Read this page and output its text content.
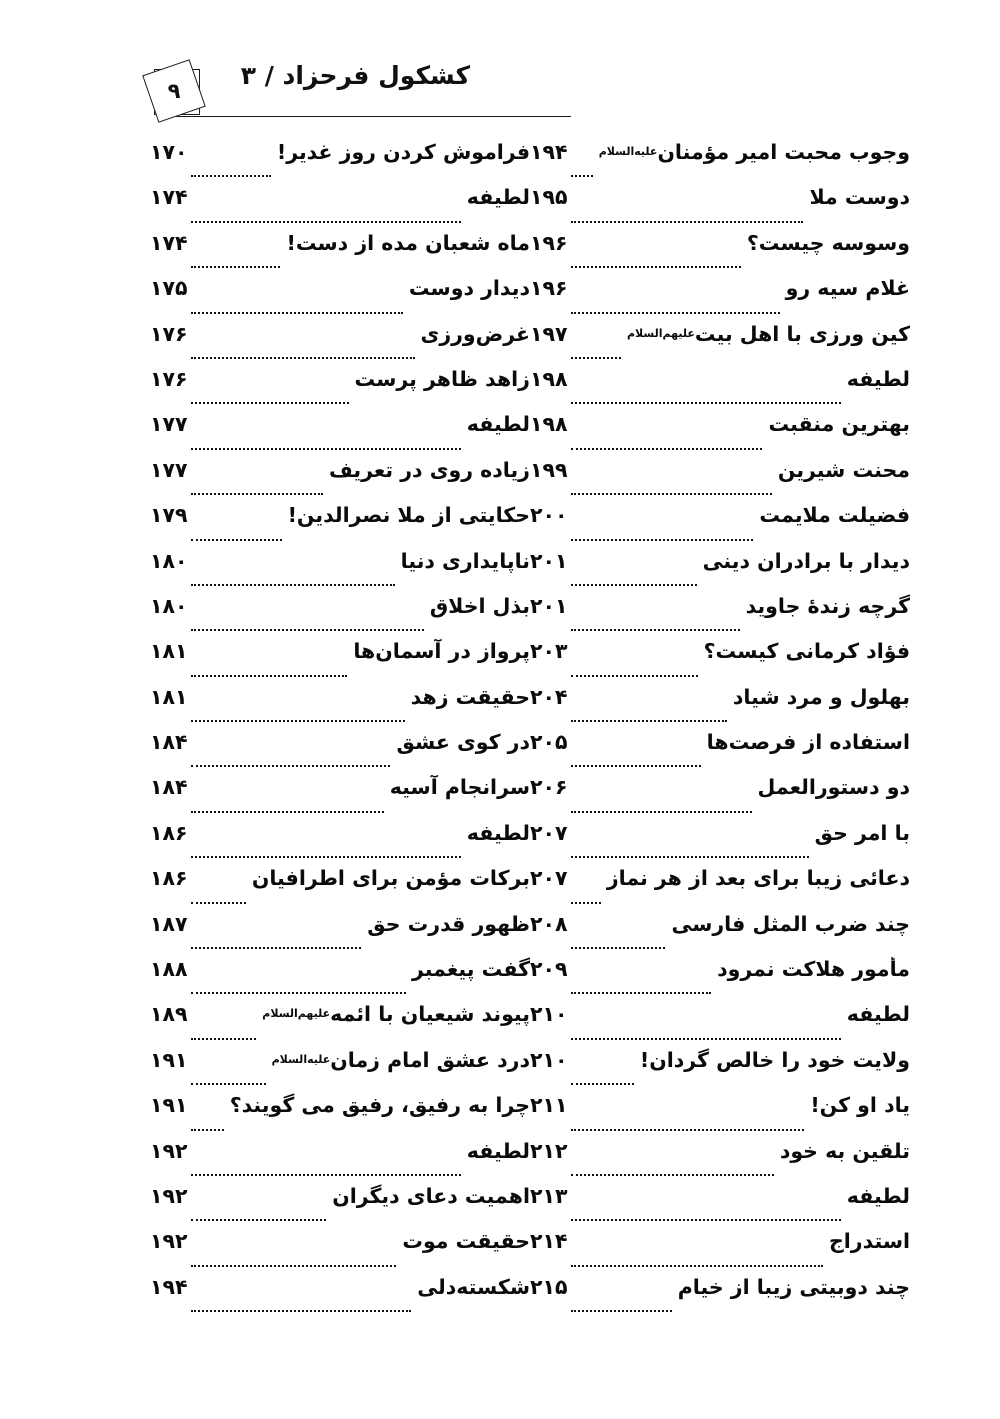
۹
کشکول فرحزاد / ۳
فراموش کردن روز غدیر!
۱۷۰
لطیفه
۱۷۴
ماه شعبان مده از دست!
۱۷۴
دیدار دوست
۱۷۵
غرض‌ورزی
۱۷۶
زاهد ظاهر پرست
۱۷۶
لطیفه
۱۷۷
زیاده روی در تعریف
۱۷۷
حکایتی از ملا نصرالدین!
۱۷۹
ناپایداری دنیا
۱۸۰
بذل اخلاق
۱۸۰
پرواز در آسمان‌ها
۱۸۱
حقیقت زهد
۱۸۱
در کوی عشق
۱۸۴
سرانجام آسیه
۱۸۴
لطیفه
۱۸۶
برکات مؤمن برای اطرافیان
۱۸۶
ظهور قدرت حق
۱۸۷
گفت پیغمبر
۱۸۸
پیوند شیعیان با ائمهعلیهم‌السلام
۱۸۹
درد عشق امام زمانعلیه‌السلام
۱۹۱
چرا به رفیق، رفیق می گویند؟
۱۹۱
لطیفه
۱۹۲
اهمیت دعای دیگران
۱۹۲
حقیقت موت
۱۹۲
شکسته‌دلی
۱۹۴
وجوب محبت امیر مؤمنانعلیه‌السلام
۱۹۴
دوست ملا
۱۹۵
وسوسه چیست؟
۱۹۶
غلام سیه رو
۱۹۶
کین ورزی با اهل بیتعلیهم‌السلام
۱۹۷
لطیفه
۱۹۸
بهترین منقبت
۱۹۸
محنت شیرین
۱۹۹
فضیلت ملایمت
۲۰۰
دیدار با برادران دینی
۲۰۱
گرچه زندهٔ جاوید
۲۰۱
فؤاد کرمانی کیست؟
۲۰۳
بهلول و مرد شیاد
۲۰۴
استفاده از فرصت‌ها
۲۰۵
دو دستورالعمل
۲۰۶
با امر حق
۲۰۷
دعائی زیبا برای بعد از هر نماز
۲۰۷
چند ضرب المثل فارسی
۲۰۸
مأمور هلاکت نمرود
۲۰۹
لطیفه
۲۱۰
ولایت خود را خالص گردان!
۲۱۰
یاد او کن!
۲۱۱
تلقین به خود
۲۱۲
لطیفه
۲۱۳
استدراج
۲۱۴
چند دوبیتی زیبا از خیام
۲۱۵
